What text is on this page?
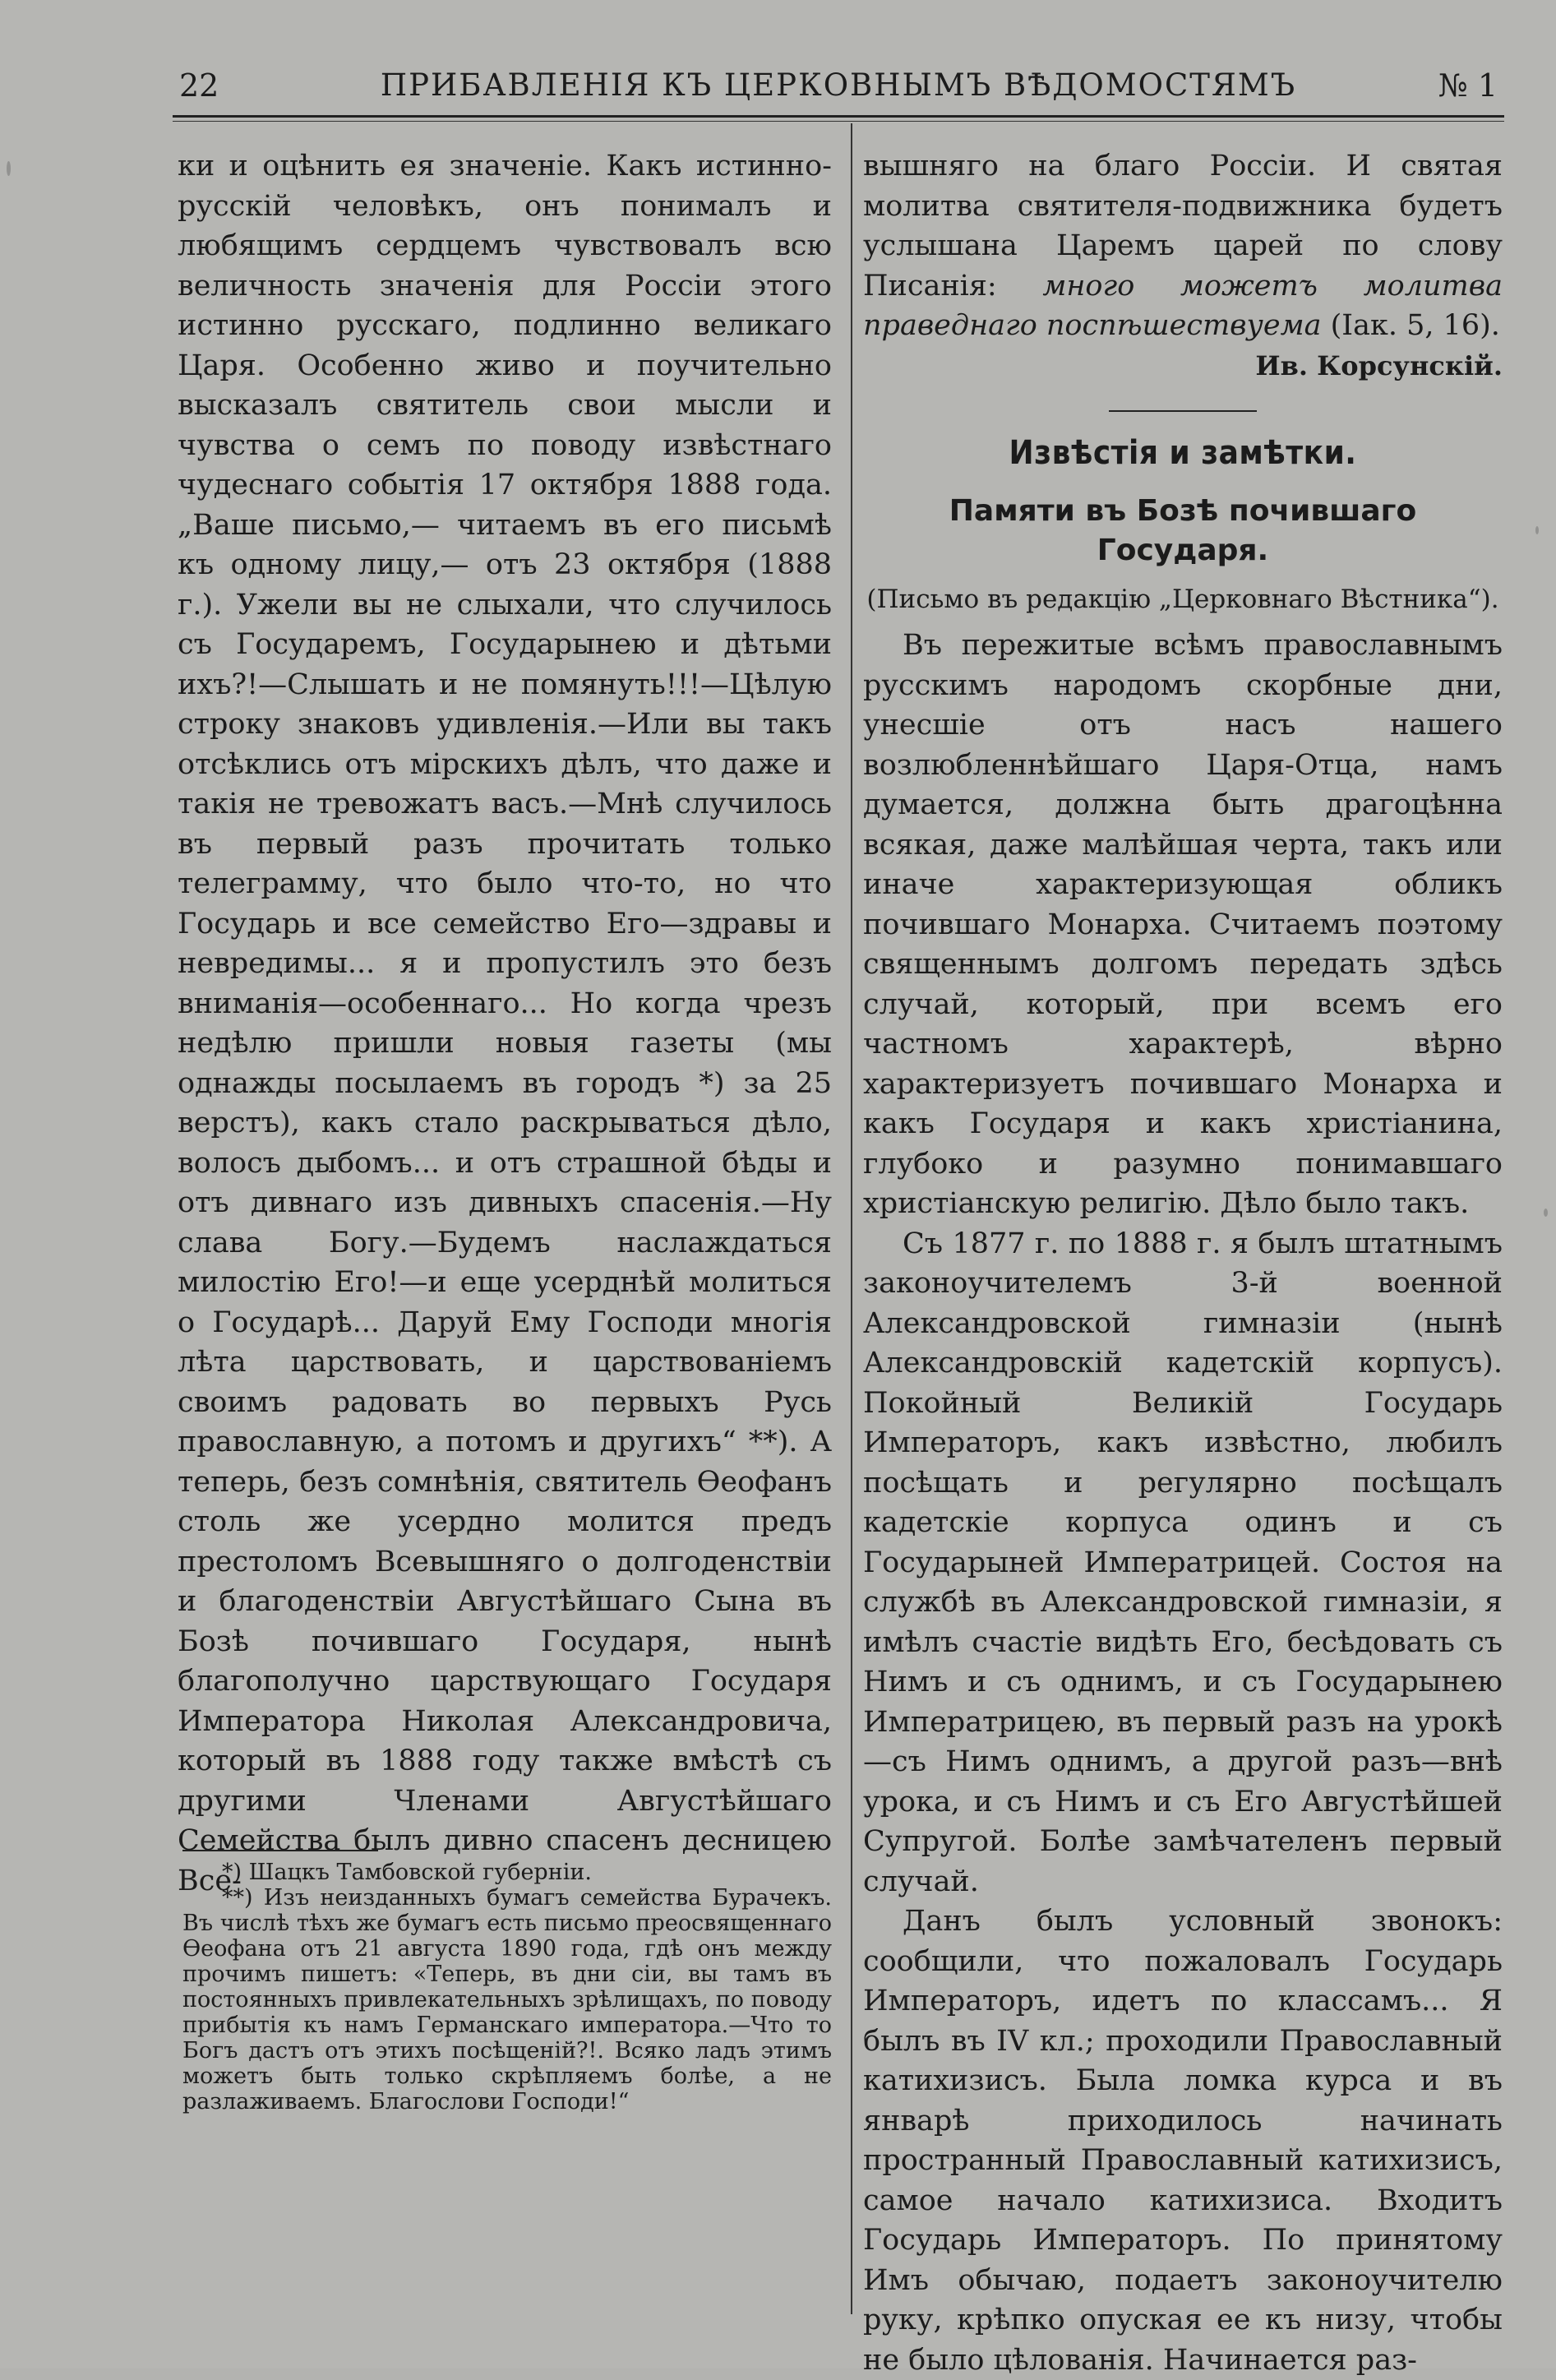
22	ПРИБАВЛЕНІЯ КЪ ЦЕРКОВНЫМЪ ВѢДОМОСТЯМЪ	№ 1

ки и оцѣнить ея значеніе. Какъ истинно-русскій человѣкъ, онъ понималъ и любящимъ сердцемъ чувствовалъ всю величность значенія для Россіи этого истинно русскаго, подлинно великаго Царя. Особенно живо и поучительно высказалъ святитель свои мысли и чувства о семъ по поводу извѣстнаго чудеснаго событія 17 октября 1888 года. „Ваше письмо,— читаемъ въ его письмѣ къ одному лицу,— отъ 23 октября (1888 г.). Ужели вы не слыхали, что случилось съ Государемъ, Государынею и дѣтьми ихъ?!—Слышать и не помянуть!!!—Цѣлую строку знаковъ удивленія.—Или вы такъ отсѣклись отъ мірскихъ дѣлъ, что даже и такія не тревожатъ васъ.—Мнѣ случилось въ первый разъ прочитать только телеграмму, что было что-то, но что Государь и все семейство Его—здравы и невредимы... я и пропустилъ это безъ вниманія—особеннаго... Но когда чрезъ недѣлю пришли новыя газеты (мы однажды посылаемъ въ городъ *) за 25 верстъ), какъ стало раскрываться дѣло, волосъ дыбомъ... и отъ страшной бѣды и отъ дивнаго изъ дивныхъ спасенія.—Ну слава Богу.—Будемъ наслаждаться милостію Его!—и еще усерднѣй молиться о Государѣ... Даруй Ему Господи многія лѣта царствовать, и царствованіемъ своимъ радовать во первыхъ Русь православную, а потомъ и другихъ“ **). А теперь, безъ сомнѣнія, святитель Ѳеофанъ столь же усердно молится предъ престоломъ Всевышняго о долгоденствіи и благоденствіи Августѣйшаго Сына въ Бозѣ почившаго Государя, нынѣ благополучно царствующаго Государя Императора Николая Александровича, который въ 1888 году также вмѣстѣ съ другими Членами Августѣйшаго Семейства былъ дивно спасенъ десницею Все-

*) Шацкъ Тамбовской губерніи.

**) Изъ неизданныхъ бумагъ семейства Бурачекъ. Въ числѣ тѣхъ же бумагъ есть письмо преосвященнаго Ѳеофана отъ 21 августа 1890 года, гдѣ онъ между прочимъ пишетъ: «Теперь, въ дни сіи, вы тамъ въ постоянныхъ привлекательныхъ зрѣлищахъ, по поводу прибытія къ намъ Германскаго императора.—Что то Богъ дастъ отъ этихъ посѣщеній?!. Всяко ладъ этимъ можетъ быть только скрѣпляемъ болѣе, а не разлаживаемъ. Благослови Господи!“

вышняго на благо Россіи. И святая молитва святителя-подвижника будетъ услышана Царемъ царей по слову Писанія: много можетъ молитва праведнаго поспѣшествуема (Іак. 5, 16).

Ив. Корсунскій.

Извѣстія и замѣтки.
Памяти въ Бозѣ почившаго Государя.
(Письмо въ редакцію „Церковнаго Вѣстника“).

Въ пережитые всѣмъ православнымъ русскимъ народомъ скорбные дни, унесшіе отъ насъ нашего возлюбленнѣйшаго Царя-Отца, намъ думается, должна быть драгоцѣнна всякая, даже малѣйшая черта, такъ или иначе характеризующая обликъ почившаго Монарха. Считаемъ поэтому священнымъ долгомъ передать здѣсь случай, который, при всемъ его частномъ характерѣ, вѣрно характеризуетъ почившаго Монарха и какъ Государя и какъ христіанина, глубоко и разумно понимавшаго христіанскую религію. Дѣло было такъ.

Съ 1877 г. по 1888 г. я былъ штатнымъ законоучителемъ 3-й военной Александровской гимназіи (нынѣ Александровскій кадетскій корпусъ). Покойный Великій Государь Императоръ, какъ извѣстно, любилъ посѣщать и регулярно посѣщалъ кадетскіе корпуса одинъ и съ Государыней Императрицей. Состоя на службѣ въ Александровской гимназіи, я имѣлъ счастіе видѣть Его, бесѣдовать съ Нимъ и съ однимъ, и съ Государынею Императрицею, въ первый разъ на урокѣ—съ Нимъ однимъ, а другой разъ—внѣ урока, и съ Нимъ и съ Его Августѣйшей Супругой. Болѣе замѣчателенъ первый случай.

Данъ былъ условный звонокъ: сообщили, что пожаловалъ Государь Императоръ, идетъ по классамъ... Я былъ въ IV кл.; проходили Православный катихизисъ. Была ломка курса и въ январѣ приходилось начинать пространный Православный катихизисъ, самое начало катихизиса. Входитъ Государь Императоръ. По принятому Имъ обычаю, подаетъ законоучителю руку, крѣпко опуская ее къ низу, чтобы не было цѣлованія. Начинается раз-
